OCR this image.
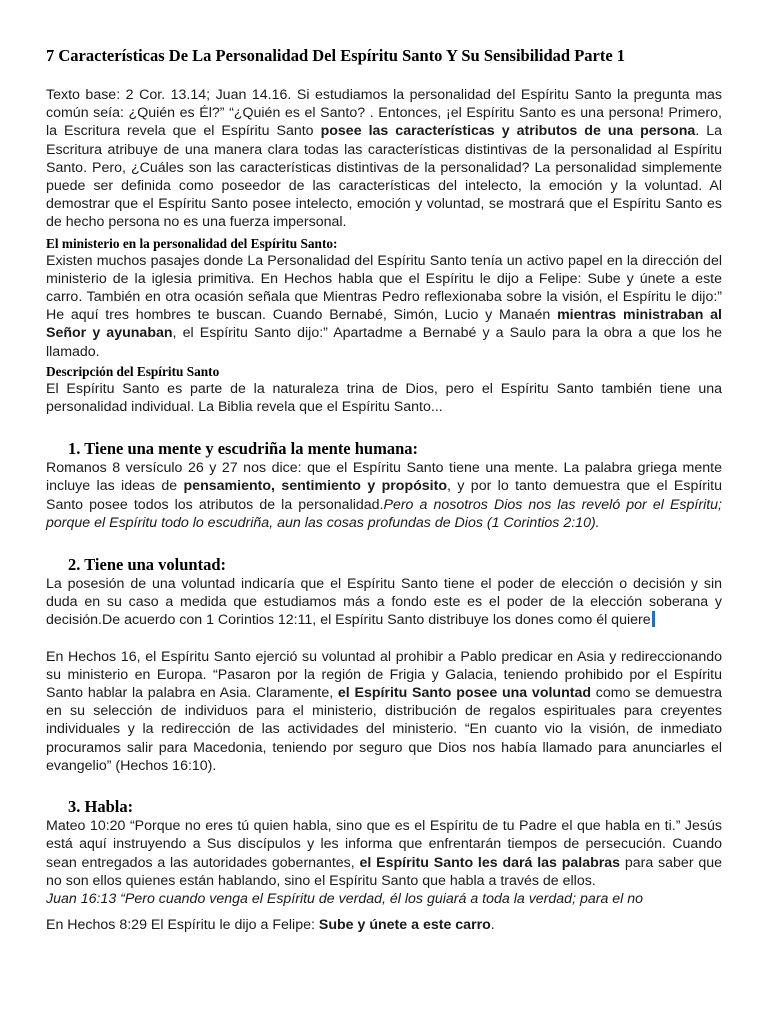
7 Características De La Personalidad Del Espíritu Santo Y Su Sensibilidad Parte 1

Texto base: 2 Cor. 13.14; Juan 14.16. Si estudiamos la personalidad del Espíritu Santo la pregunta mas común seía: ¿Quién es Él?” “¿Quién es el Santo? . Entonces, ¡el Espíritu Santo es una persona! Primero, la Escritura revela que el Espíritu Santo posee las características y atributos de una persona. La Escritura atribuye de una manera clara todas las características distintivas de la personalidad al Espíritu Santo. Pero, ¿Cuáles son las características distintivas de la personalidad? La personalidad simplemente puede ser definida como poseedor de las características del intelecto, la emoción y la voluntad. Al demostrar que el Espíritu Santo posee intelecto, emoción y voluntad, se mostrará que el Espíritu Santo es de hecho persona no es una fuerza impersonal.

El ministerio en la personalidad del Espíritu Santo:

Existen muchos pasajes donde La Personalidad del Espíritu Santo tenía un activo papel en la dirección del ministerio de la iglesia primitiva. En Hechos habla que el Espíritu le dijo a Felipe: Sube y únete a este carro. También en otra ocasión señala que Mientras Pedro reflexionaba sobre la visión, el Espíritu le dijo:” He aquí tres hombres te buscan. Cuando Bernabé, Simón, Lucio y Manaén mientras ministraban al Señor y ayunaban, el Espíritu Santo dijo:” Apartadme a Bernabé y a Saulo para la obra a que los he llamado.

Descripción del Espíritu Santo

El Espíritu Santo es parte de la naturaleza trina de Dios, pero el Espíritu Santo también tiene una personalidad individual. La Biblia revela que el Espíritu Santo...

1. Tiene una mente y escudriña la mente humana:

Romanos 8 versículo 26 y 27 nos dice: que el Espíritu Santo tiene una mente. La palabra griega mente incluye las ideas de pensamiento, sentimiento y propósito, y por lo tanto demuestra que el Espíritu Santo posee todos los atributos de la personalidad.Pero a nosotros Dios nos las reveló por el Espíritu; porque el Espíritu todo lo escudriña, aun las cosas profundas de Dios (1 Corintios 2:10).

2. Tiene una voluntad:

La posesión de una voluntad indicaría que el Espíritu Santo tiene el poder de elección o decisión y sin duda en su caso a medida que estudiamos más a fondo este es el poder de la elección soberana y decisión.De acuerdo con 1 Corintios 12:11, el Espíritu Santo distribuye los dones como él quiere

En Hechos 16, el Espíritu Santo ejerció su voluntad al prohibir a Pablo predicar en Asia y redireccionando su ministerio en Europa. “Pasaron por la región de Frigia y Galacia, teniendo prohibido por el Espíritu Santo hablar la palabra en Asia. Claramente, el Espíritu Santo posee una voluntad como se demuestra en su selección de individuos para el ministerio, distribución de regalos espirituales para creyentes individuales y la redirección de las actividades del ministerio. “En cuanto vio la visión, de inmediato procuramos salir para Macedonia, teniendo por seguro que Dios nos había llamado para anunciarles el evangelio” (Hechos 16:10).

3. Habla:

Mateo 10:20 “Porque no eres tú quien habla, sino que es el Espíritu de tu Padre el que habla en ti.” Jesús está aquí instruyendo a Sus discípulos y les informa que enfrentarán tiempos de persecución. Cuando sean entregados a las autoridades gobernantes, el Espíritu Santo les dará las palabras para saber que no son ellos quienes están hablando, sino el Espíritu Santo que habla a través de ellos.

Juan 16:13 “Pero cuando venga el Espíritu de verdad, él los guiará a toda la verdad; para el no

En Hechos 8:29 El Espíritu le dijo a Felipe: Sube y únete a este carro.
